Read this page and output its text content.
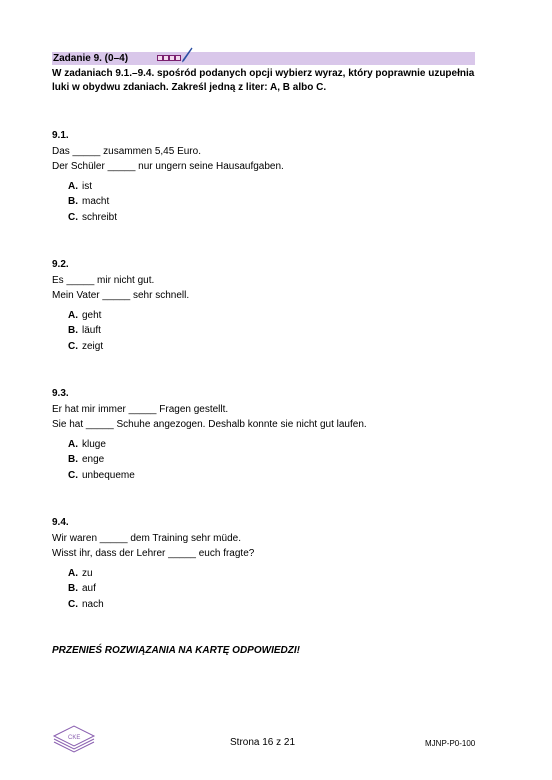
Zadanie 9. (0–4)
W zadaniach 9.1.–9.4. spośród podanych opcji wybierz wyraz, który poprawnie uzupełnia luki w obydwu zdaniach. Zakreśl jedną z liter: A, B albo C.
9.1.
Das _____ zusammen 5,45 Euro.
Der Schüler _____ nur ungern seine Hausaufgaben.
A. ist
B. macht
C. schreibt
9.2.
Es _____ mir nicht gut.
Mein Vater _____ sehr schnell.
A. geht
B. läuft
C. zeigt
9.3.
Er hat mir immer _____ Fragen gestellt.
Sie hat _____ Schuhe angezogen. Deshalb konnte sie nicht gut laufen.
A. kluge
B. enge
C. unbequeme
9.4.
Wir waren _____ dem Training sehr müde.
Wisst ihr, dass der Lehrer _____ euch fragte?
A. zu
B. auf
C. nach
PRZENIEŚ ROZWIĄZANIA NA KARTĘ ODPOWIEDZI!
CKE	Strona 16 z 21	MJNP-P0-100
